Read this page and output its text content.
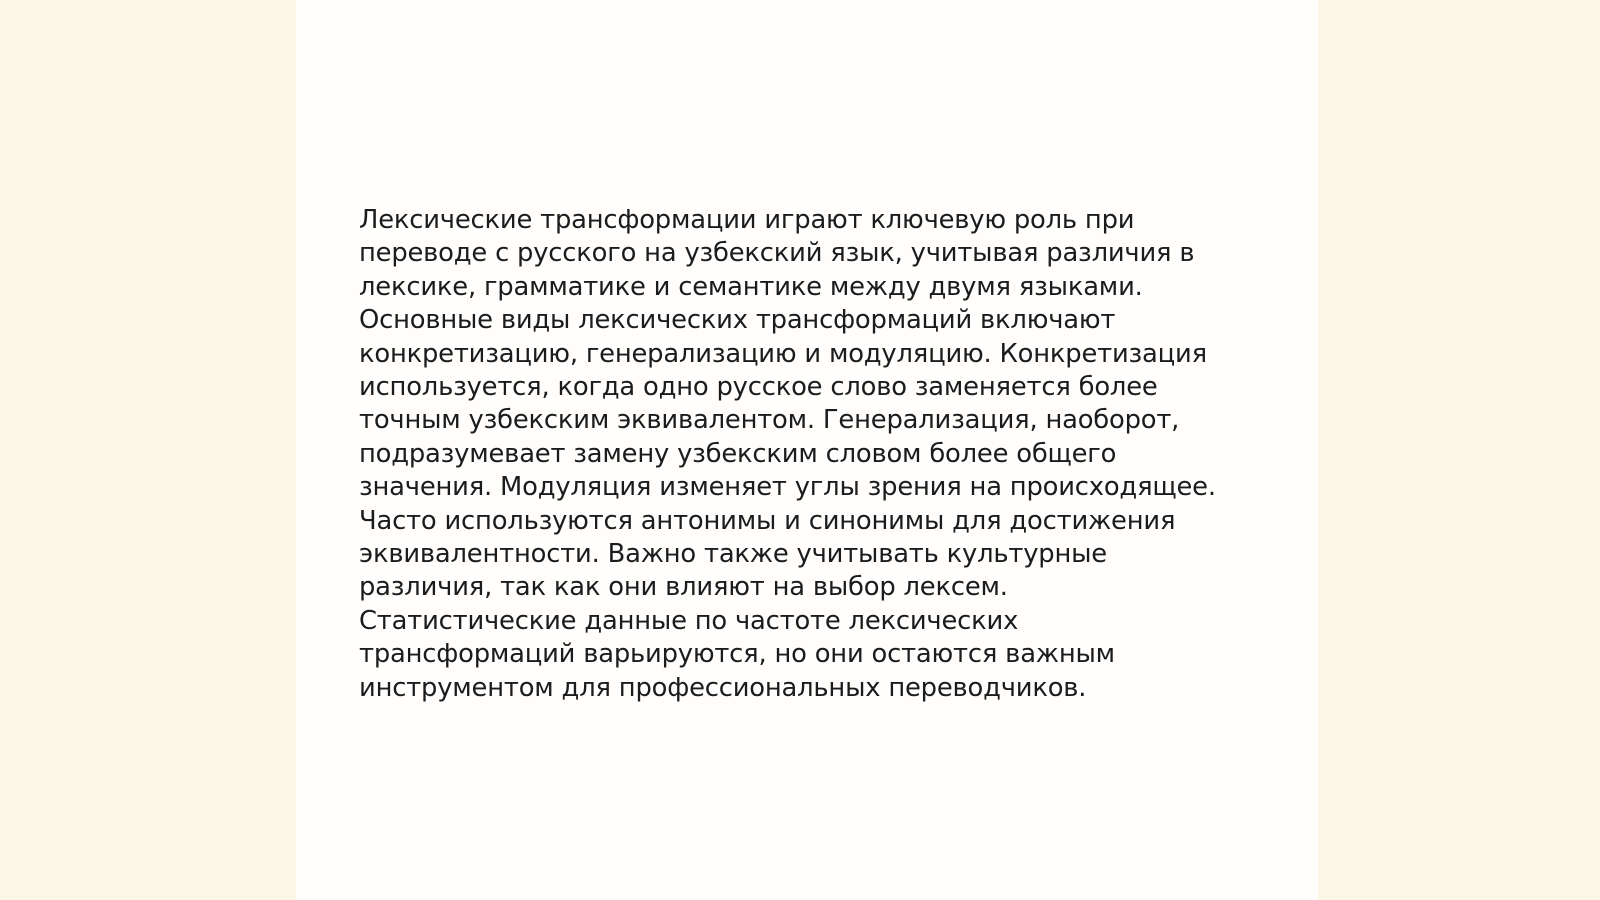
Лексические трансформации играют ключевую роль при
переводе с русского на узбекский язык, учитывая различия в
лексике, грамматике и семантике между двумя языками.
Основные виды лексических трансформаций включают
конкретизацию, генерализацию и модуляцию. Конкретизация
используется, когда одно русское слово заменяется более
точным узбекским эквивалентом. Генерализация, наоборот,
подразумевает замену узбекским словом более общего
значения. Модуляция изменяет углы зрения на происходящее.
Часто используются антонимы и синонимы для достижения
эквивалентности. Важно также учитывать культурные
различия, так как они влияют на выбор лексем.
Статистические данные по частоте лексических
трансформаций варьируются, но они остаются важным
инструментом для профессиональных переводчиков.
